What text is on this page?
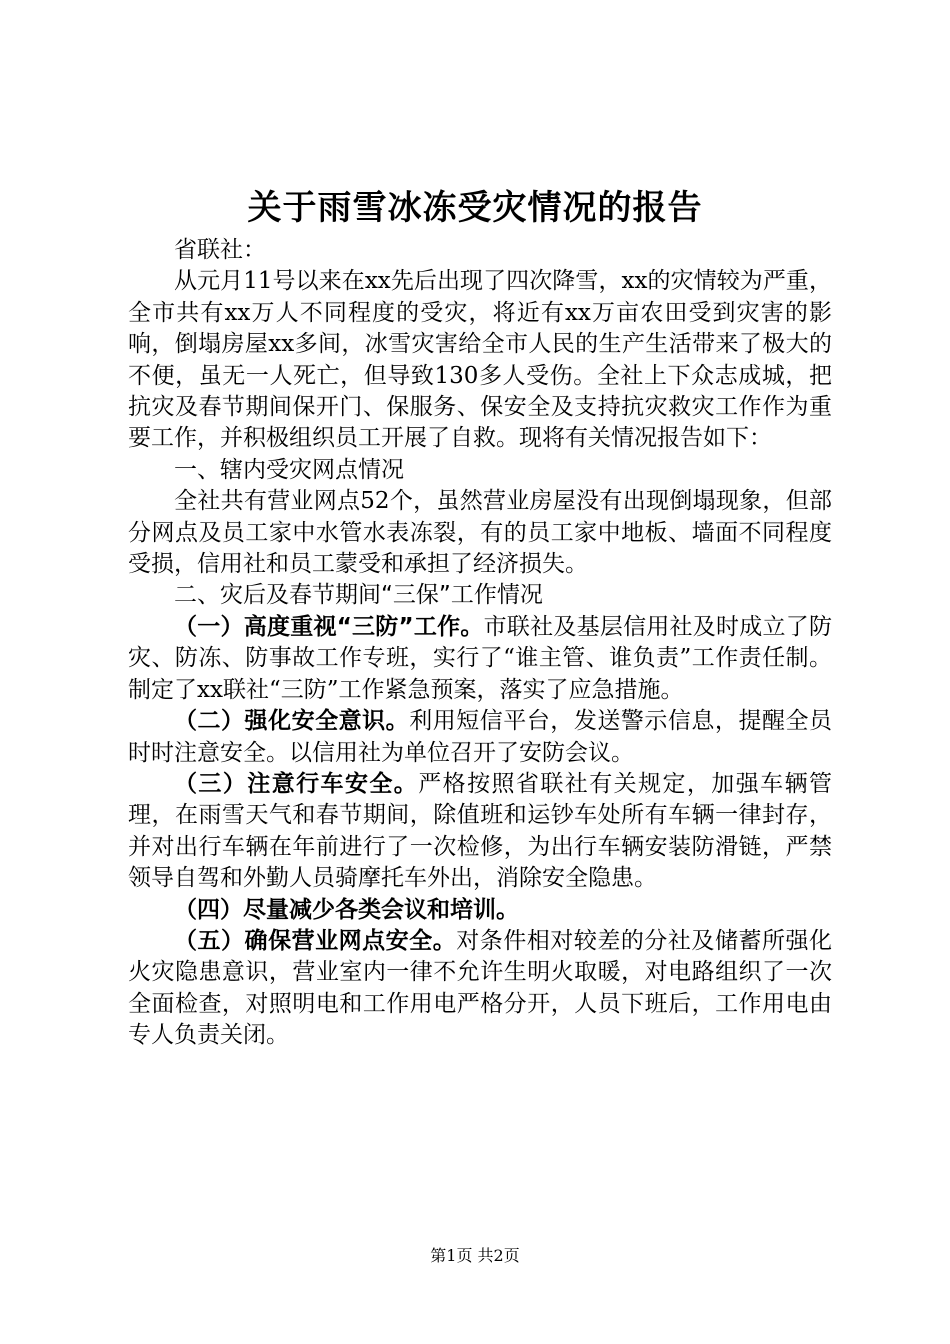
关于雨雪冰冻受灾情况的报告

省联社：

从元月11号以来在xx先后出现了四次降雪，xx的灾情较为严重，全市共有xx万人不同程度的受灾，将近有xx万亩农田受到灾害的影响，倒塌房屋xx多间，冰雪灾害给全市人民的生产生活带来了极大的不便，虽无一人死亡，但导致130多人受伤。全社上下众志成城，把抗灾及春节期间保开门、保服务、保安全及支持抗灾救灾工作作为重要工作，并积极组织员工开展了自救。现将有关情况报告如下：

一、辖内受灾网点情况

全社共有营业网点52个，虽然营业房屋没有出现倒塌现象，但部分网点及员工家中水管水表冻裂，有的员工家中地板、墙面不同程度受损，信用社和员工蒙受和承担了经济损失。

二、灾后及春节期间“三保”工作情况

（一）高度重视“三防”工作。市联社及基层信用社及时成立了防灾、防冻、防事故工作专班，实行了“谁主管、谁负责”工作责任制。制定了xx联社“三防”工作紧急预案，落实了应急措施。

（二）强化安全意识。利用短信平台，发送警示信息，提醒全员时时注意安全。以信用社为单位召开了安防会议。

（三）注意行车安全。严格按照省联社有关规定，加强车辆管理，在雨雪天气和春节期间，除值班和运钞车处所有车辆一律封存，并对出行车辆在年前进行了一次检修，为出行车辆安装防滑链，严禁领导自驾和外勤人员骑摩托车外出，消除安全隐患。

（四）尽量减少各类会议和培训。

（五）确保营业网点安全。对条件相对较差的分社及储蓄所强化火灾隐患意识，营业室内一律不允许生明火取暖，对电路组织了一次全面检查，对照明电和工作用电严格分开，人员下班后，工作用电由专人负责关闭。

第1页 共2页
